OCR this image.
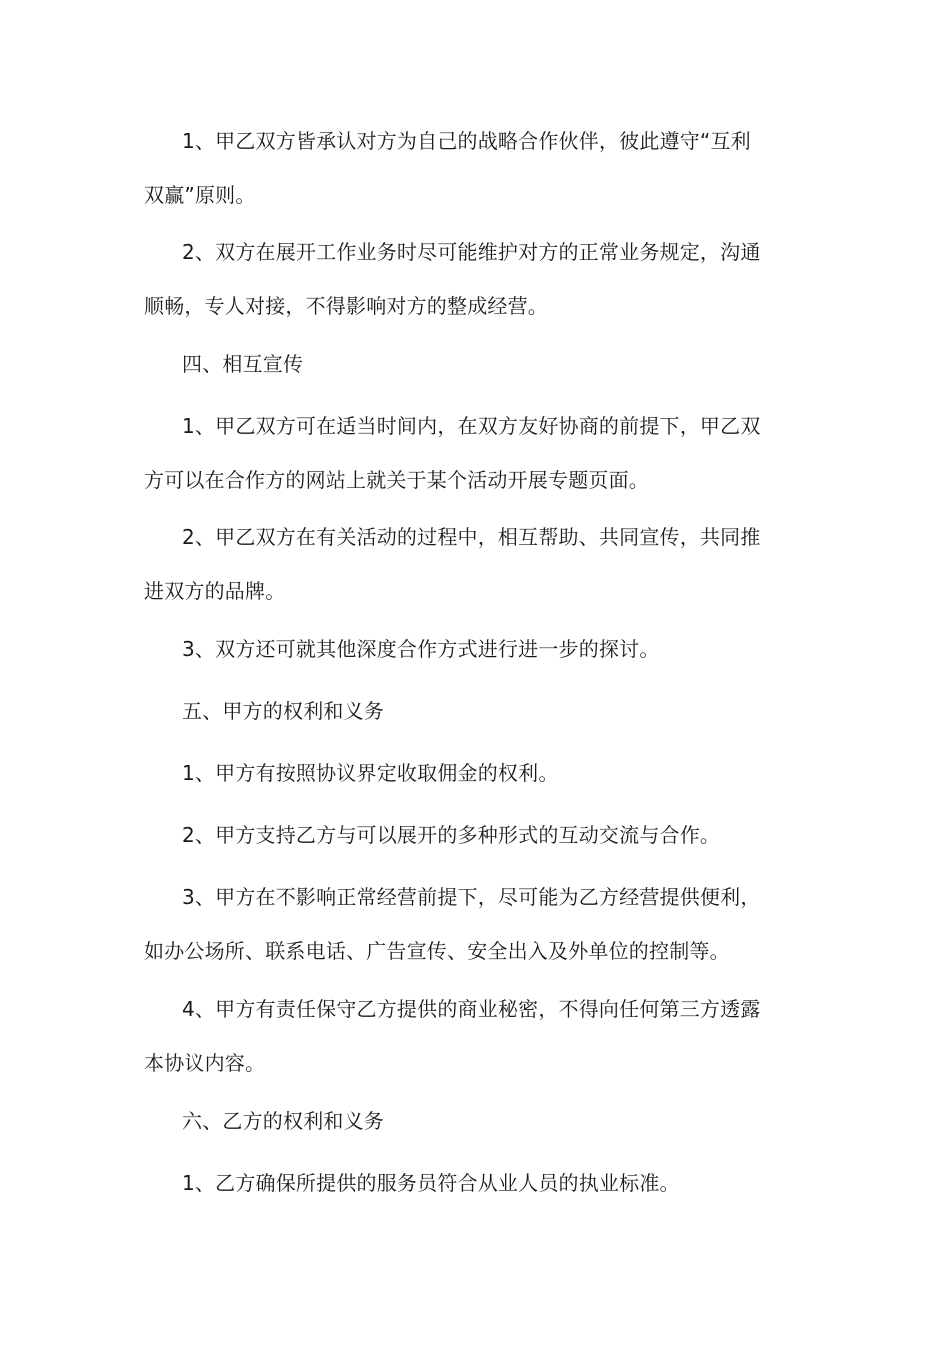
1、甲乙双方皆承认对方为自己的战略合作伙伴，彼此遵守“互利
双赢”原则。
2、双方在展开工作业务时尽可能维护对方的正常业务规定，沟通
顺畅，专人对接，不得影响对方的整成经营。
四、相互宣传
1、甲乙双方可在适当时间内，在双方友好协商的前提下，甲乙双
方可以在合作方的网站上就关于某个活动开展专题页面。
2、甲乙双方在有关活动的过程中，相互帮助、共同宣传，共同推
进双方的品牌。
3、双方还可就其他深度合作方式进行进一步的探讨。
五、甲方的权利和义务
1、甲方有按照协议界定收取佣金的权利。
2、甲方支持乙方与可以展开的多种形式的互动交流与合作。
3、甲方在不影响正常经营前提下，尽可能为乙方经营提供便利，
如办公场所、联系电话、广告宣传、安全出入及外单位的控制等。
4、甲方有责任保守乙方提供的商业秘密，不得向任何第三方透露
本协议内容。
六、乙方的权利和义务
1、乙方确保所提供的服务员符合从业人员的执业标准。
